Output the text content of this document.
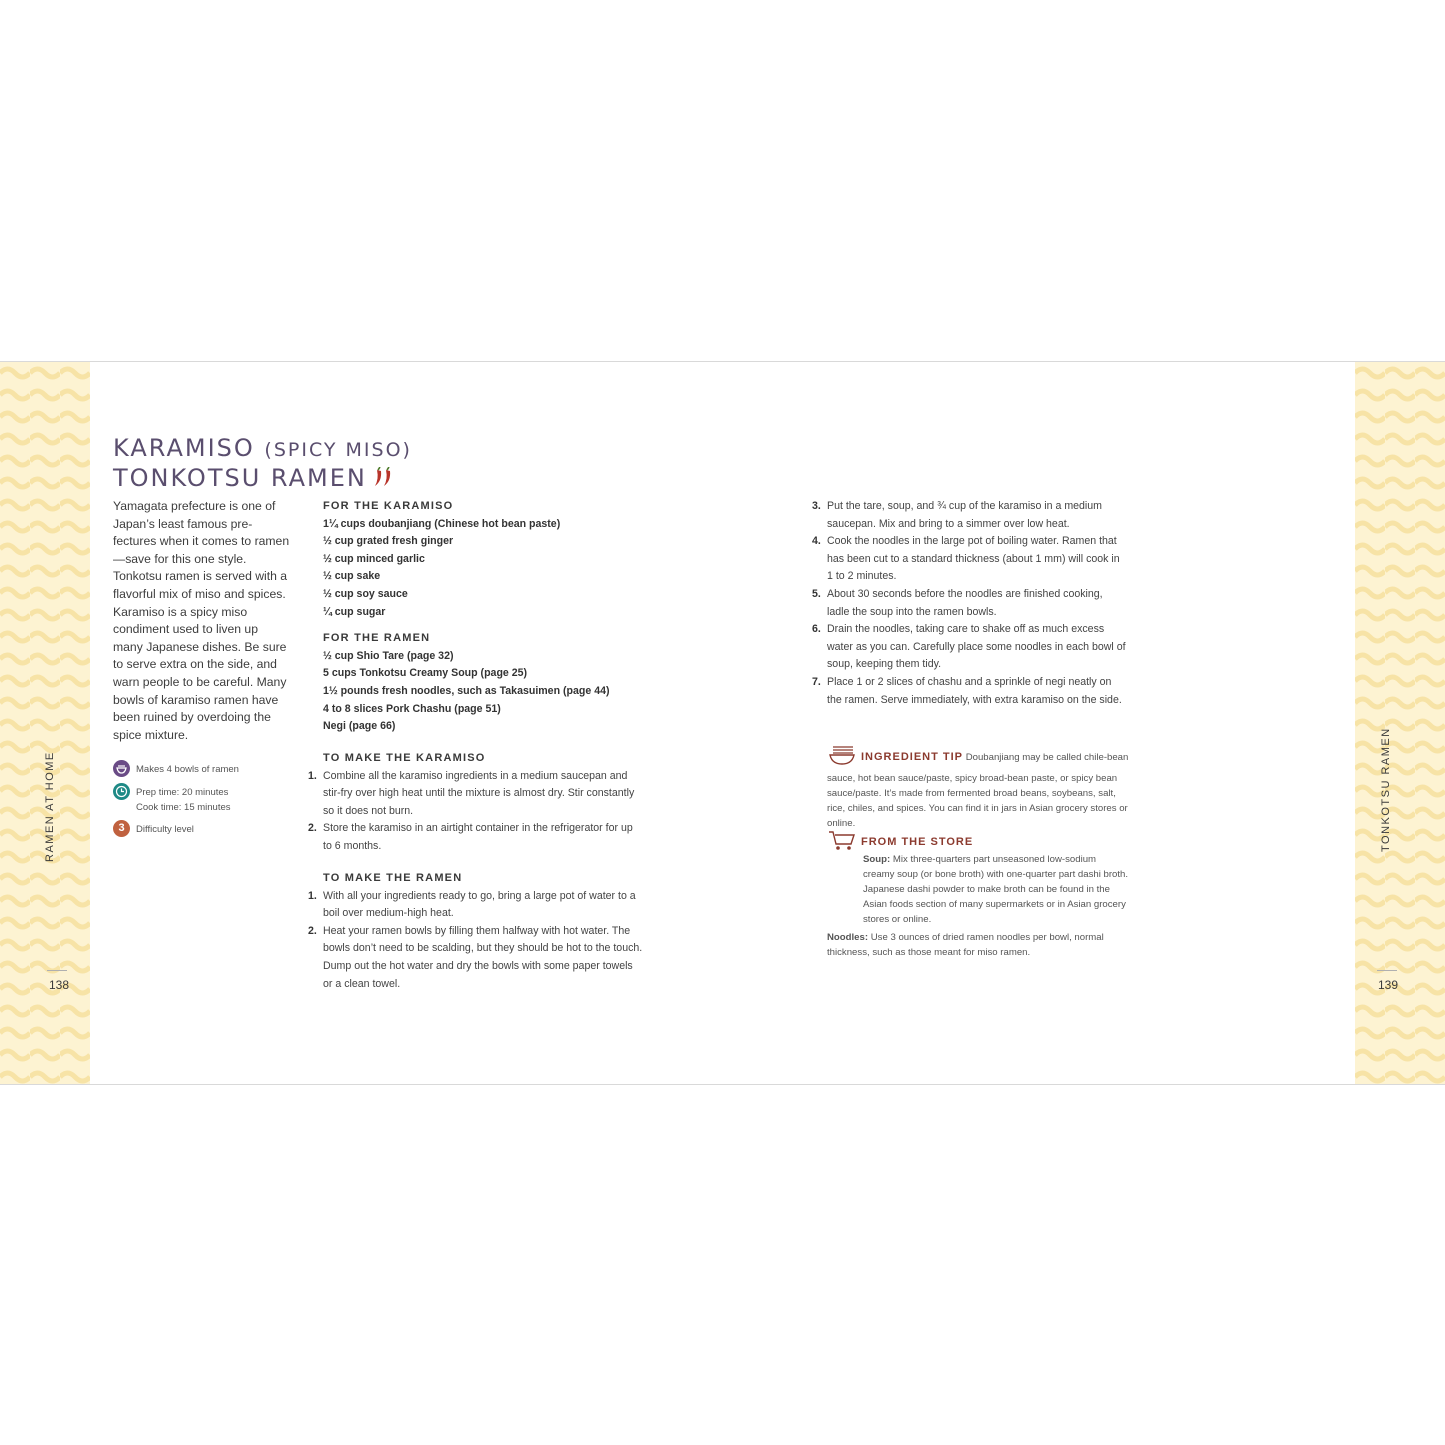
RAMEN AT HOME
138
TONKOTSU RAMEN
139
KARAMISO (SPICY MISO)
TONKOTSU RAMEN
Yamagata prefecture is one of Japan’s least famous pre-fectures when it comes to ramen—save for this one style. Tonkotsu ramen is served with a flavorful mix of miso and spices. Karamiso is a spicy miso condiment used to liven up many Japanese dishes. Be sure to serve extra on the side, and warn people to be careful. Many bowls of karamiso ramen have been ruined by overdoing the spice mixture.
Makes 4 bowls of ramen
Prep time: 20 minutes
Cook time: 15 minutes
3	Difficulty level
FOR THE KARAMISO
1¼ cups doubanjiang (Chinese hot bean paste)
½ cup grated fresh ginger
½ cup minced garlic
½ cup sake
½ cup soy sauce
¼ cup sugar
FOR THE RAMEN
½ cup Shio Tare (page 32)
5 cups Tonkotsu Creamy Soup (page 25)
1½ pounds fresh noodles, such as Takasuimen (page 44)
4 to 8 slices Pork Chashu (page 51)
Negi (page 66)
TO MAKE THE KARAMISO
1. Combine all the karamiso ingredients in a medium saucepan and stir-fry over high heat until the mixture is almost dry. Stir constantly so it does not burn.
2. Store the karamiso in an airtight container in the refrigerator for up to 6 months.
TO MAKE THE RAMEN
1. With all your ingredients ready to go, bring a large pot of water to a boil over medium-high heat.
2. Heat your ramen bowls by filling them halfway with hot water. The bowls don’t need to be scalding, but they should be hot to the touch. Dump out the hot water and dry the bowls with some paper towels or a clean towel.
3. Put the tare, soup, and ¾ cup of the karamiso in a medium saucepan. Mix and bring to a simmer over low heat.
4. Cook the noodles in the large pot of boiling water. Ramen that has been cut to a standard thickness (about 1 mm) will cook in 1 to 2 minutes.
5. About 30 seconds before the noodles are finished cooking, ladle the soup into the ramen bowls.
6. Drain the noodles, taking care to shake off as much excess water as you can. Carefully place some noodles in each bowl of soup, keeping them tidy.
7. Place 1 or 2 slices of chashu and a sprinkle of negi neatly on the ramen. Serve immediately, with extra karamiso on the side.
INGREDIENT TIP Doubanjiang may be called chile-bean sauce, hot bean sauce/paste, spicy broad-bean paste, or spicy bean sauce/paste. It’s made from fermented broad beans, soybeans, salt, rice, chiles, and spices. You can find it in jars in Asian grocery stores or online.
FROM THE STORE
Soup: Mix three-quarters part unseasoned low-sodium creamy soup (or bone broth) with one-quarter part dashi broth. Japanese dashi powder to make broth can be found in the Asian foods section of many supermarkets or in Asian grocery stores or online.
Noodles: Use 3 ounces of dried ramen noodles per bowl, normal thickness, such as those meant for miso ramen.
